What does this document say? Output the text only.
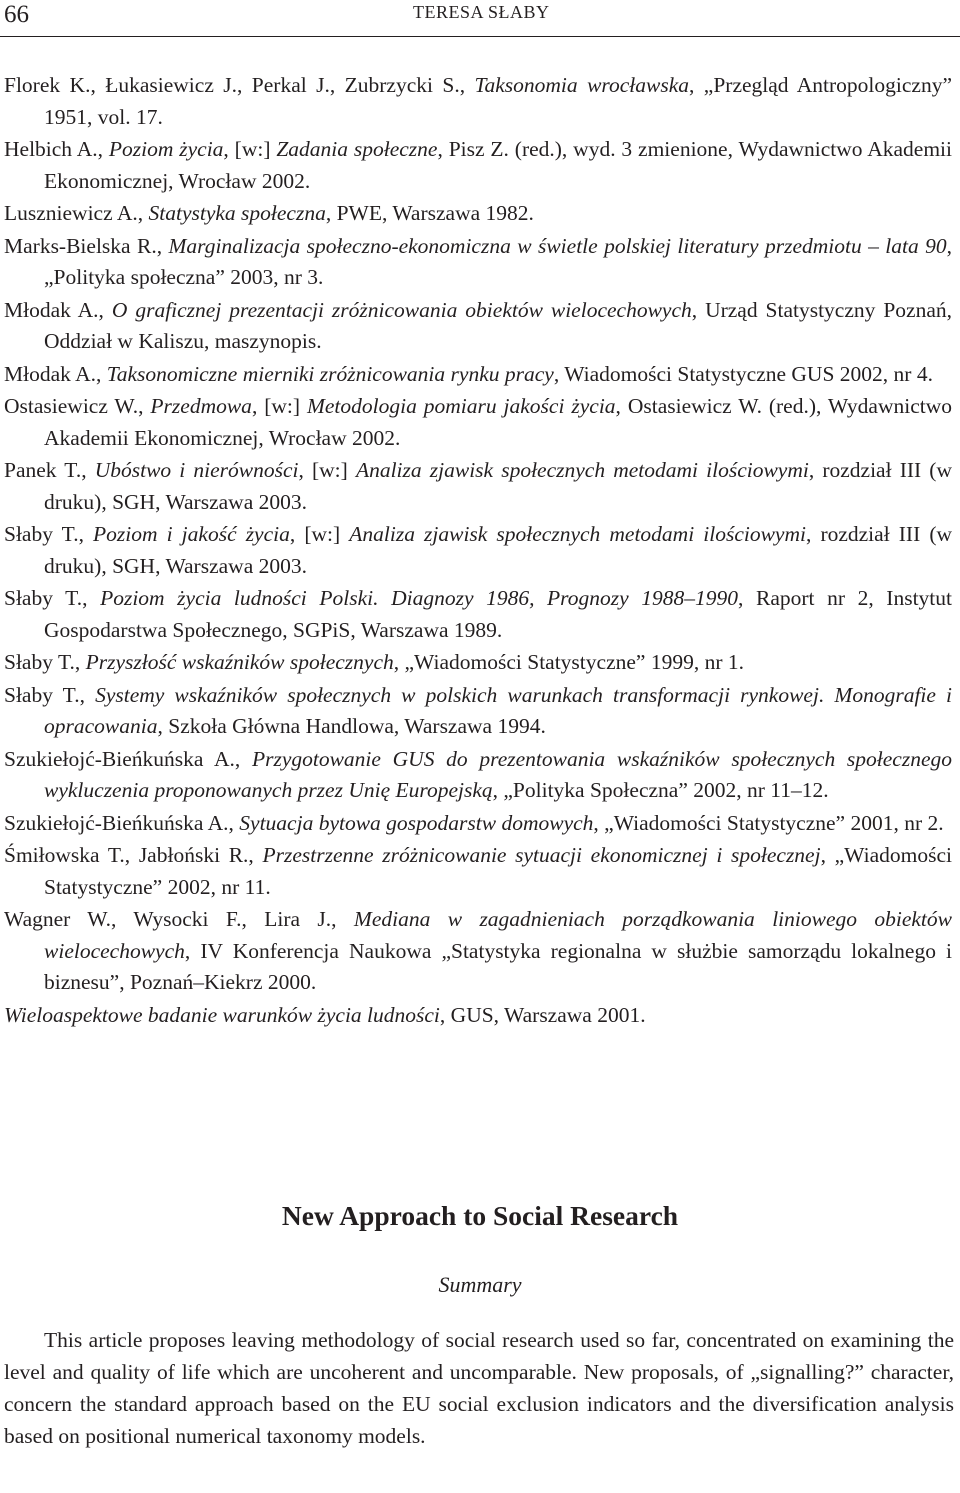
66	TERESA SŁABY
Florek K., Łukasiewicz J., Perkal J., Zubrzycki S., Taksonomia wrocławska, „Przegląd Antropologiczny” 1951, vol. 17.
Helbich A., Poziom życia, [w:] Zadania społeczne, Pisz Z. (red.), wyd. 3 zmienione, Wydawnictwo Akademii Ekonomicznej, Wrocław 2002.
Luszniewicz A., Statystyka społeczna, PWE, Warszawa 1982.
Marks-Bielska R., Marginalizacja społeczno-ekonomiczna w świetle polskiej literatury przedmiotu – lata 90, „Polityka społeczna” 2003, nr 3.
Młodak A., O graficznej prezentacji zróżnicowania obiektów wielocechowych, Urząd Statystyczny Poznań, Oddział w Kaliszu, maszynopis.
Młodak A., Taksonomiczne mierniki zróżnicowania rynku pracy, Wiadomości Statystyczne GUS 2002, nr 4.
Ostasiewicz W., Przedmowa, [w:] Metodologia pomiaru jakości życia, Ostasiewicz W. (red.), Wydawnictwo Akademii Ekonomicznej, Wrocław 2002.
Panek T., Ubóstwo i nierówności, [w:] Analiza zjawisk społecznych metodami ilościowymi, rozdział III (w druku), SGH, Warszawa 2003.
Słaby T., Poziom i jakość życia, [w:] Analiza zjawisk społecznych metodami ilościowymi, rozdział III (w druku), SGH, Warszawa 2003.
Słaby T., Poziom życia ludności Polski. Diagnozy 1986, Prognozy 1988–1990, Raport nr 2, Instytut Gospodarstwa Społecznego, SGPiS, Warszawa 1989.
Słaby T., Przyszłość wskaźników społecznych, „Wiadomości Statystyczne” 1999, nr 1.
Słaby T., Systemy wskaźników społecznych w polskich warunkach transformacji rynkowej. Monografie i opracowania, Szkoła Główna Handlowa, Warszawa 1994.
Szukiełojć-Bieńkuńska A., Przygotowanie GUS do prezentowania wskaźników społecznych społecznego wykluczenia proponowanych przez Unię Europejską, „Polityka Społeczna” 2002, nr 11–12.
Szukiełojć-Bieńkuńska A., Sytuacja bytowa gospodarstw domowych, „Wiadomości Statystyczne” 2001, nr 2.
Śmiłowska T., Jabłoński R., Przestrzenne zróżnicowanie sytuacji ekonomicznej i społecznej, „Wiadomości Statystyczne” 2002, nr 11.
Wagner W., Wysocki F., Lira J., Mediana w zagadnieniach porządkowania liniowego obiektów wielocechowych, IV Konferencja Naukowa „Statystyka regionalna w służbie samorządu lokalnego i biznesu”, Poznań–Kiekrz 2000.
Wieloaspektowe badanie warunków życia ludności, GUS, Warszawa 2001.
New Approach to Social Research
Summary

This article proposes leaving methodology of social research used so far, concentrated on examining the level and quality of life which are uncoherent and uncomparable. New proposals, of „signalling?” character, concern the standard approach based on the EU social exclusion indicators and the diversification analysis based on positional numerical taxonomy models.
